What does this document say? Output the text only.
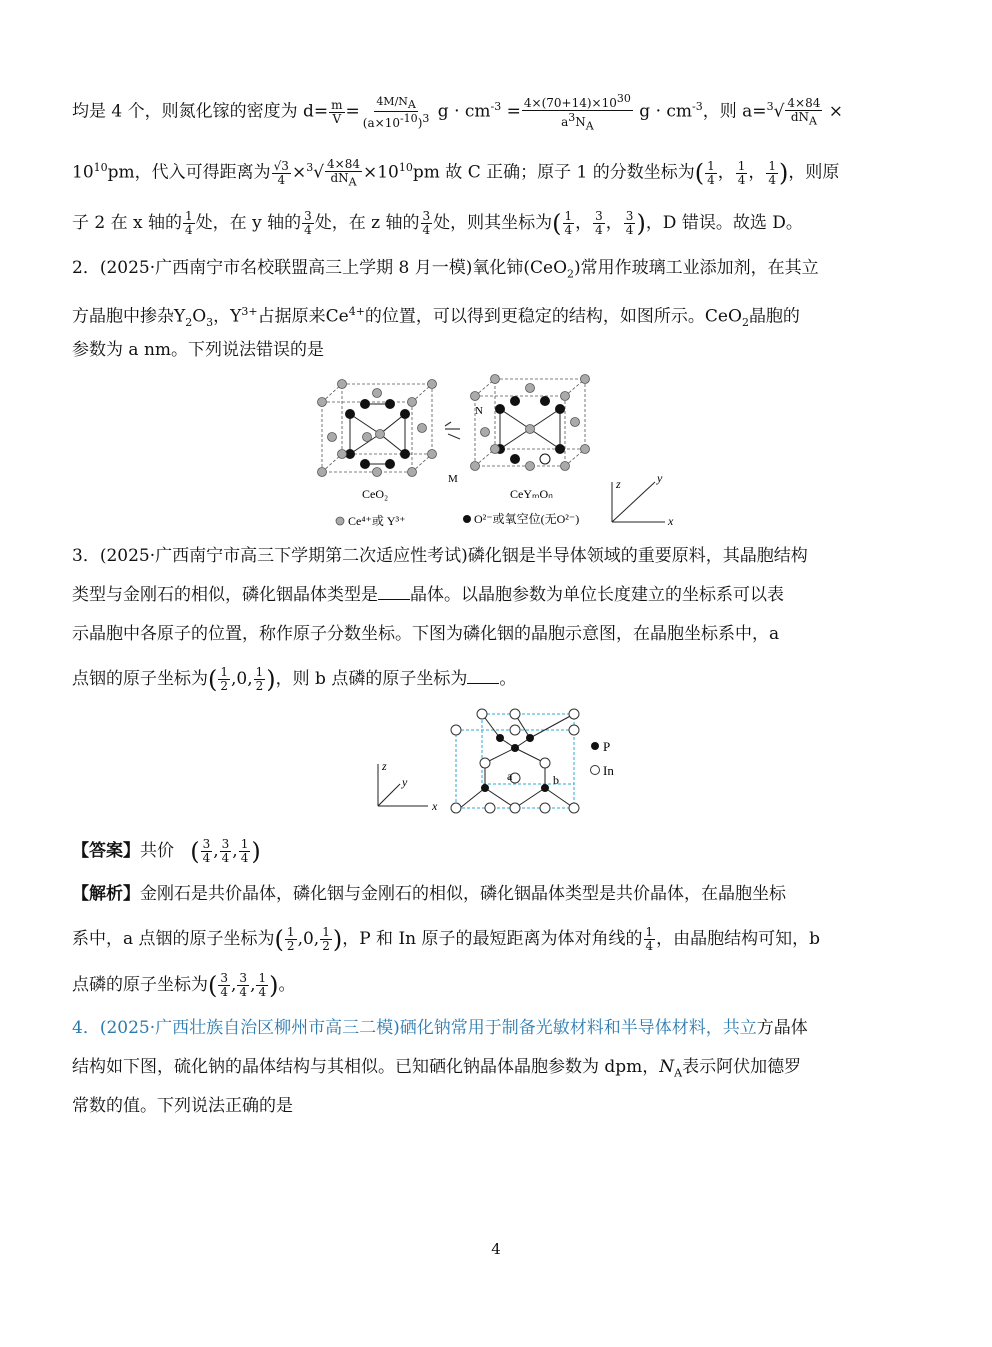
均是 4 个，则氮化镓的密度为 $d= \frac{m}{V} = \frac{4M/N_A}{(a\times 10^{-10})^3}$ $g \cdot cm^{-3} = \frac{4\times(70+14)\times 10^{30}}{a^3N_A}$ $g \cdot cm^{-3}$，则 $a=^3√ \frac{4\times 84}{dN_A}$ ×
$10^{10}pm$，代入可得距离为 $\frac{√3}{4} \times^3√ \frac{4\times 84}{dN_A} \times 10^{10}pm$ 故 C 正确；原子 1 的分数坐标为( $\frac{1}{4}$ ， $\frac{1}{4}$ ， $\frac{1}{4}$ )，则原
子 2 在 x 轴的 $\frac{1}{4}$ 处，在 y 轴的 $\frac{3}{4}$ 处，在 z 轴的 $\frac{3}{4}$ 处，则其坐标为( $\frac{1}{4}$ ， $\frac{3}{4}$ ， $\frac{3}{4}$ )，D 错误。故选 D。
2．(2025·广西南宁市名校联盟高三上学期 8 月一模)氧化铈(CeO$_2$)常用作玻璃工业添加剂，在其立
方晶胞中掺杂$Y_2O_3$，$Y^{3+}$占据原来$Ce^{4+}$的位置，可以得到更稳定的结构，如图所示。CeO$_2$晶胞的
参数为 a nm。下列说法错误的是
CeO₂
Ce⁴⁺或 Y³⁺
N
M
CeYₘOₙ
O²⁻或氧空位(无O²⁻)
z	y
x
3．(2025·广西南宁市高三下学期第二次适应性考试)磷化铟是半导体领域的重要原料，其晶胞结构
类型与金刚石的相似，磷化铟晶体类型是 晶体。以晶胞参数为单位长度建立的坐标系可以表
示晶胞中各原子的位置，称作原子分数坐标。下图为磷化铟的晶胞示意图，在晶胞坐标系中，a
点铟的原子坐标为( $\frac{1}{2} ,0$, $\frac{1}{2}$ )，则 b 点磷的原子坐标为 。
a	b
P
In
z
y
x
【答案】共价 ( $\frac{3}{4}$ , $\frac{3}{4}$ , $\frac{1}{4}$ )
【解析】金刚石是共价晶体，磷化铟与金刚石的相似，磷化铟晶体类型是共价晶体，在晶胞坐标
系中，a 点铟的原子坐标为( $\frac{1}{2} ,0$, $\frac{1}{2}$ )，P 和 In 原子的最短距离为体对角线的 $\frac{1}{4}$ ，由晶胞结构可知，b
点磷的原子坐标为( $\frac{3}{4}$ , $\frac{3}{4}$ , $\frac{1}{4}$ )。
4．(2025·广西壮族自治区柳州市高三二模)硒化钠常用于制备光敏材料和半导体材料，共立方晶体
结构如下图，硫化钠的晶体结构与其相似。已知硒化钠晶体晶胞参数为 dpm，$N_A$表示阿伏加德罗
常数的值。下列说法正确的是
4
